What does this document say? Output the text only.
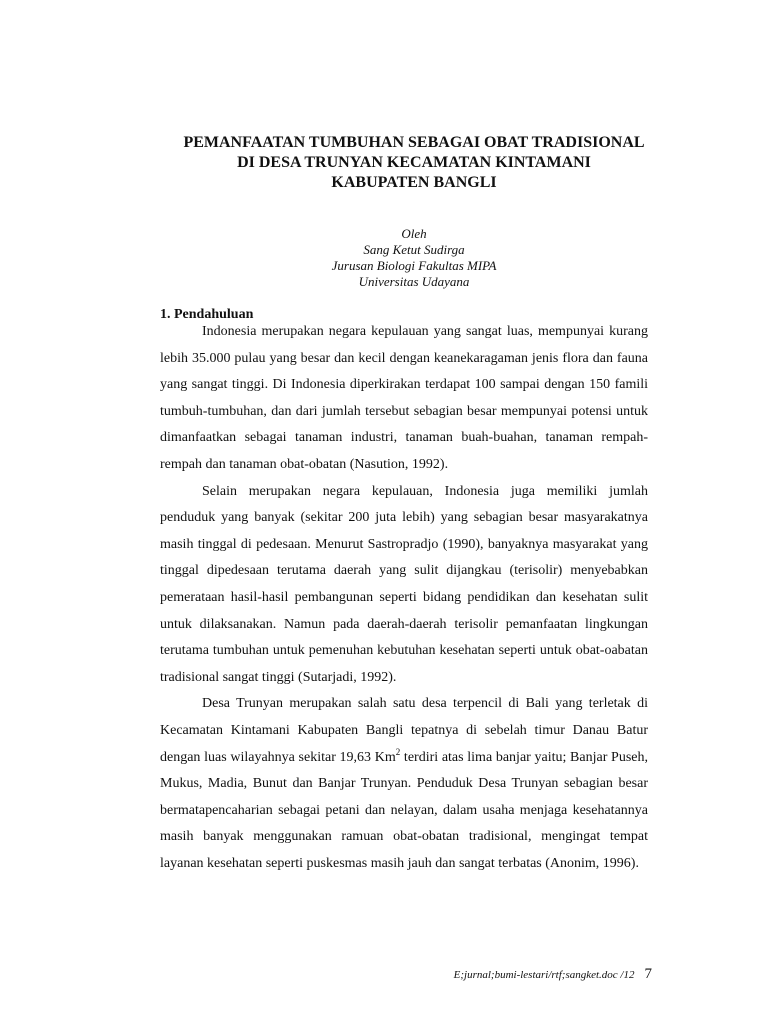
PEMANFAATAN TUMBUHAN SEBAGAI OBAT TRADISIONAL
DI DESA TRUNYAN KECAMATAN KINTAMANI
KABUPATEN BANGLI
Oleh
Sang Ketut Sudirga
Jurusan Biologi Fakultas MIPA
Universitas Udayana
1. Pendahuluan

Indonesia merupakan negara kepulauan yang sangat luas, mempunyai kurang lebih 35.000 pulau yang besar dan kecil dengan keanekaragaman jenis flora dan fauna yang sangat tinggi. Di Indonesia diperkirakan terdapat 100 sampai dengan 150 famili tumbuh-tumbuhan, dan dari jumlah tersebut sebagian besar mempunyai potensi untuk dimanfaatkan sebagai tanaman industri, tanaman buah-buahan, tanaman rempah-rempah dan tanaman obat-obatan (Nasution, 1992).

Selain merupakan negara kepulauan, Indonesia juga memiliki jumlah penduduk yang banyak (sekitar 200 juta lebih) yang sebagian besar masyarakatnya masih tinggal di pedesaan. Menurut Sastropradjo (1990), banyaknya masyarakat yang tinggal dipedesaan terutama daerah yang sulit dijangkau (terisolir) menyebabkan pemerataan hasil-hasil pembangunan seperti bidang pendidikan dan kesehatan sulit untuk dilaksanakan. Namun pada daerah-daerah terisolir pemanfaatan lingkungan terutama tumbuhan untuk pemenuhan kebutuhan kesehatan seperti untuk obat-oabatan tradisional sangat tinggi (Sutarjadi, 1992).

Desa Trunyan merupakan salah satu desa terpencil di Bali yang terletak di Kecamatan Kintamani Kabupaten Bangli tepatnya di sebelah timur Danau Batur dengan luas wilayahnya sekitar 19,63 Km$^2$ terdiri atas lima banjar yaitu; Banjar Puseh, Mukus, Madia, Bunut dan Banjar Trunyan. Penduduk Desa Trunyan sebagian besar bermatapencaharian sebagai petani dan nelayan, dalam usaha menjaga kesehatannya masih banyak menggunakan ramuan obat-obatan tradisional, mengingat tempat layanan kesehatan seperti puskesmas masih jauh dan sangat terbatas (Anonim, 1996).

E;jurnal;bumi-lestari/rtf;sangket.doc /12 7
